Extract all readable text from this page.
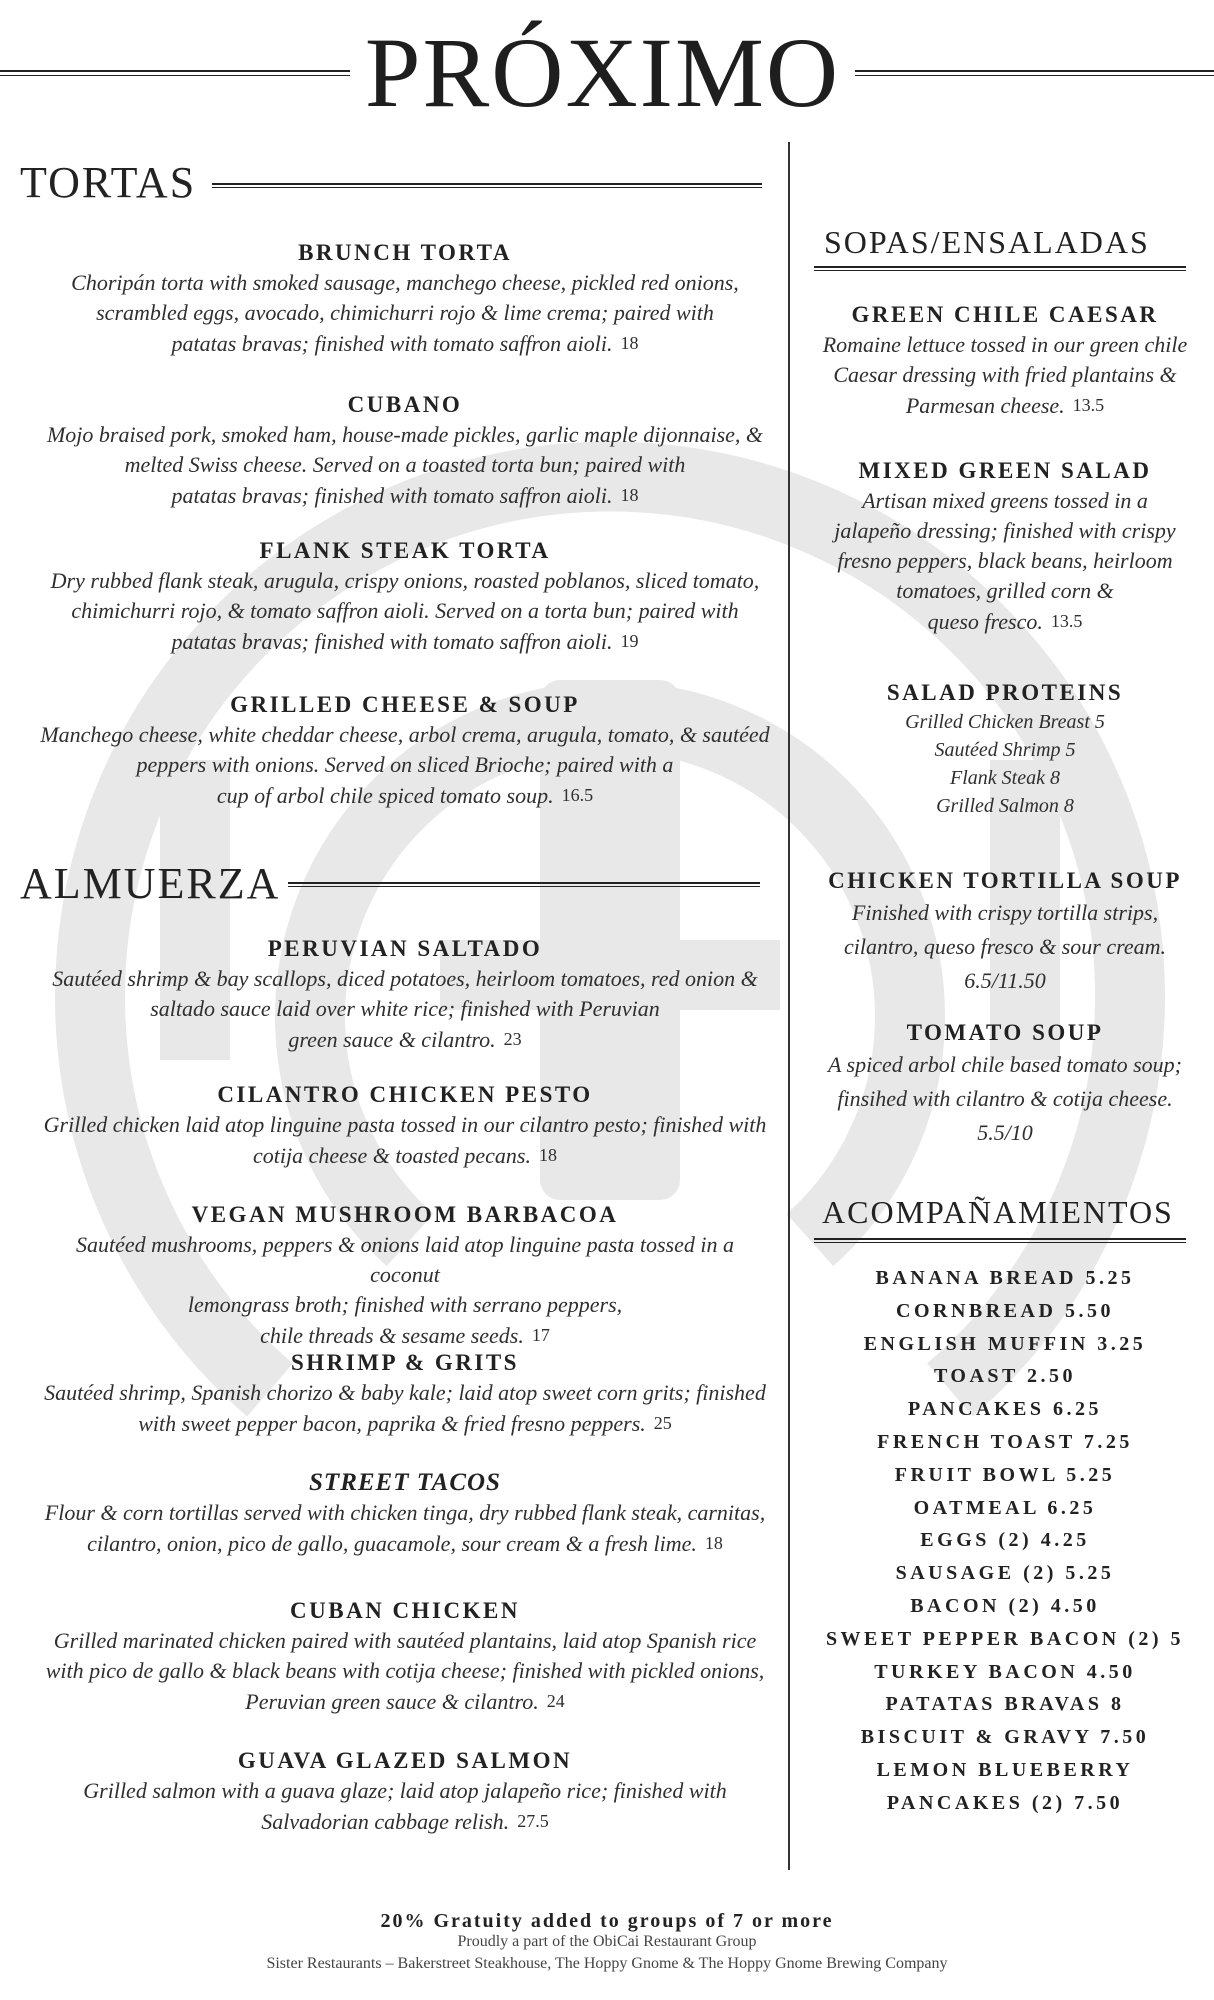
PRÓXIMO
TORTAS
BRUNCH TORTA
Choripán torta with smoked sausage, manchego cheese, pickled red onions,
scrambled eggs, avocado, chimichurri rojo & lime crema; paired with
patatas bravas; finished with tomato saffron aioli. 18
CUBANO
Mojo braised pork, smoked ham, house-made pickles, garlic maple dijonnaise, &
melted Swiss cheese. Served on a toasted torta bun; paired with
patatas bravas; finished with tomato saffron aioli. 18
FLANK STEAK TORTA
Dry rubbed flank steak, arugula, crispy onions, roasted poblanos, sliced tomato,
chimichurri rojo, & tomato saffron aioli. Served on a torta bun; paired with
patatas bravas; finished with tomato saffron aioli. 19
GRILLED CHEESE & SOUP
Manchego cheese, white cheddar cheese, arbol crema, arugula, tomato, & sautéed
peppers with onions. Served on sliced Brioche; paired with a
cup of arbol chile spiced tomato soup. 16.5
ALMUERZA
PERUVIAN SALTADO
Sautéed shrimp & bay scallops, diced potatoes, heirloom tomatoes, red onion &
saltado sauce laid over white rice; finished with Peruvian
green sauce & cilantro. 23
CILANTRO CHICKEN PESTO
Grilled chicken laid atop linguine pasta tossed in our cilantro pesto; finished with
cotija cheese & toasted pecans. 18
VEGAN MUSHROOM BARBACOA
Sautéed mushrooms, peppers & onions laid atop linguine pasta tossed in a coconut
lemongrass broth; finished with serrano peppers,
chile threads & sesame seeds. 17
SHRIMP & GRITS
Sautéed shrimp, Spanish chorizo & baby kale; laid atop sweet corn grits; finished
with sweet pepper bacon, paprika & fried fresno peppers. 25
STREET TACOS
Flour & corn tortillas served with chicken tinga, dry rubbed flank steak, carnitas,
cilantro, onion, pico de gallo, guacamole, sour cream & a fresh lime. 18
CUBAN CHICKEN
Grilled marinated chicken paired with sautéed plantains, laid atop Spanish rice
with pico de gallo & black beans with cotija cheese; finished with pickled onions,
Peruvian green sauce & cilantro. 24
GUAVA GLAZED SALMON
Grilled salmon with a guava glaze; laid atop jalapeño rice; finished with
Salvadorian cabbage relish. 27.5
SOPAS/ENSALADAS
GREEN CHILE CAESAR
Romaine lettuce tossed in our green chile
Caesar dressing with fried plantains &
Parmesan cheese. 13.5
MIXED GREEN SALAD
Artisan mixed greens tossed in a
jalapeño dressing; finished with crispy
fresno peppers, black beans, heirloom
tomatoes, grilled corn &
queso fresco. 13.5
SALAD PROTEINS
Grilled Chicken Breast 5
Sautéed Shrimp 5
Flank Steak 8
Grilled Salmon 8
CHICKEN TORTILLA SOUP
Finished with crispy tortilla strips,
cilantro, queso fresco & sour cream.
6.5/11.50
TOMATO SOUP
A spiced arbol chile based tomato soup;
finsihed with cilantro & cotija cheese.
5.5/10
ACOMPAÑAMIENTOS
BANANA BREAD 5.25
CORNBREAD 5.50
ENGLISH MUFFIN 3.25
TOAST 2.50
PANCAKES 6.25
FRENCH TOAST 7.25
FRUIT BOWL 5.25
OATMEAL 6.25
EGGS (2) 4.25
SAUSAGE (2) 5.25
BACON (2) 4.50
SWEET PEPPER BACON (2) 5
TURKEY BACON 4.50
PATATAS BRAVAS 8
BISCUIT & GRAVY 7.50
LEMON BLUEBERRY
PANCAKES (2) 7.50
20% Gratuity added to groups of 7 or more
Proudly a part of the ObiCai Restaurant Group
Sister Restaurants – Bakerstreet Steakhouse, The Hoppy Gnome & The Hoppy Gnome Brewing Company
